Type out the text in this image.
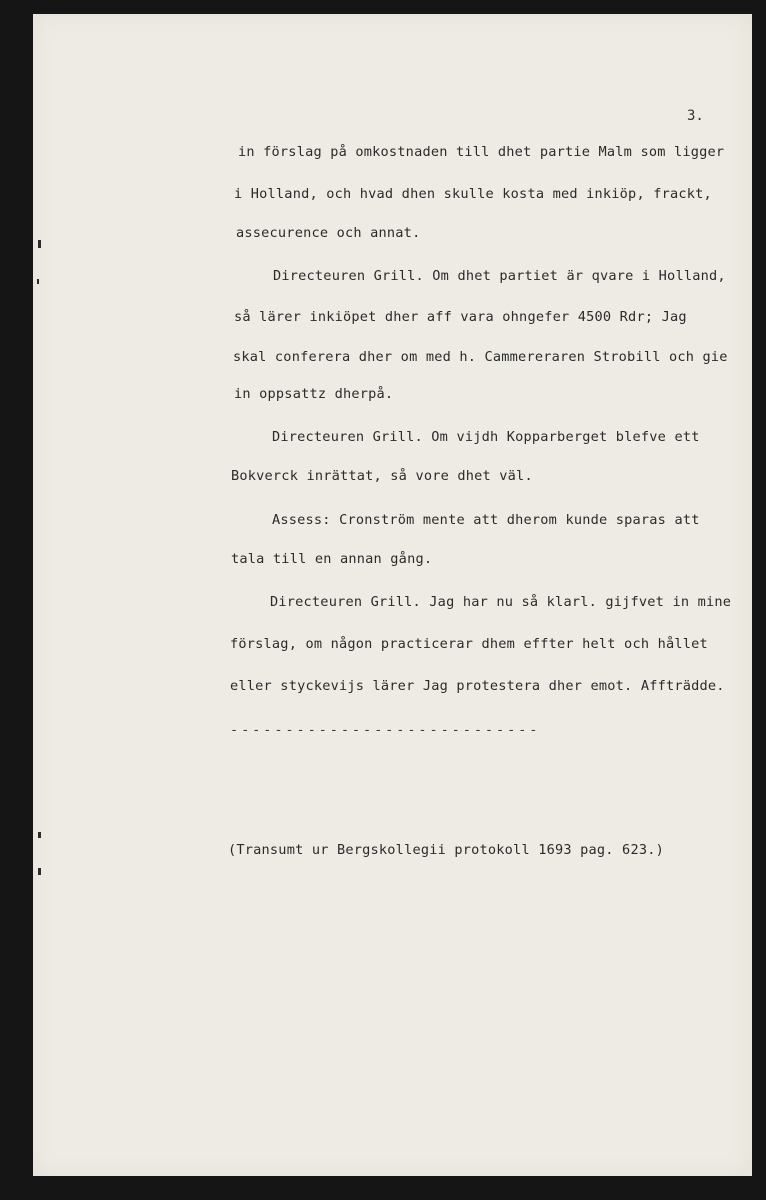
3.
in förslag på omkostnaden till dhet partie Malm som ligger
i Holland, och hvad dhen skulle kosta med inkiöp, frackt,
assecurence och annat.
Directeuren Grill. Om dhet partiet är qvare i Holland,
så lärer inkiöpet dher aff vara ohngefer 4500 Rdr; Jag
skal conferera dher om med h. Cammereraren Strobill och gie
in oppsattz dherpå.
Directeuren Grill. Om vijdh Kopparberget blefve ett
Bokverck inrättat, så vore dhet väl.
Assess: Cronström mente att dherom kunde sparas att
tala till en annan gång.
Directeuren Grill. Jag har nu så klarl. gijfvet in mine
förslag, om någon practicerar dhem effter helt och hållet
eller styckevijs lärer Jag protestera dher emot. Affträdde.
----------------------------
(Transumt ur Bergskollegii protokoll 1693 pag. 623.)
